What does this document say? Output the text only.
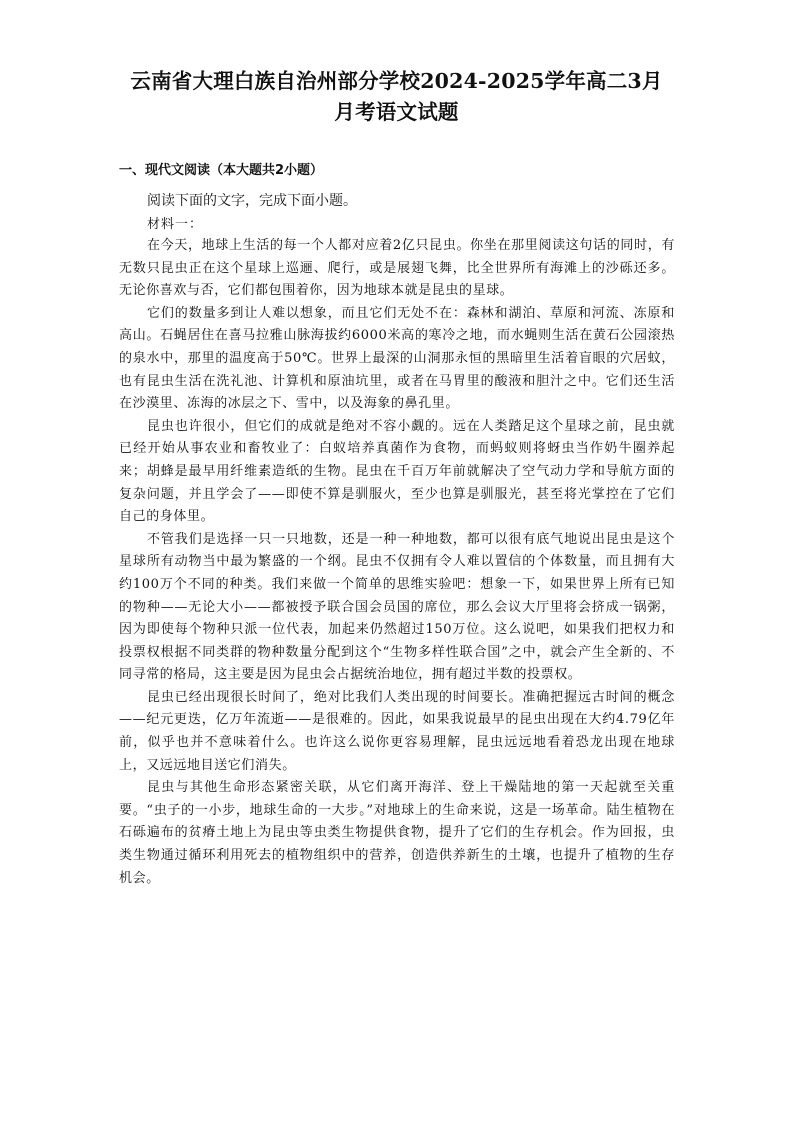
云南省大理白族自治州部分学校2024-2025学年高二3月
月考语文试题
一、现代文阅读（本大题共2小题）
阅读下面的文字，完成下面小题。
材料一：

在今天，地球上生活的每一个人都对应着2亿只昆虫。你坐在那里阅读这句话的同时，有无数只昆虫正在这个星球上巡逦、爬行，或是展翅飞舞，比全世界所有海滩上的沙砾还多。无论你喜欢与否，它们都包围着你，因为地球本就是昆虫的星球。

它们的数量多到让人难以想象，而且它们无处不在：森林和湖泊、草原和河流、冻原和高山。石蝇居住在喜马拉雅山脉海拔约6000米高的寒冷之地，而水蝇则生活在黄石公园滚热的泉水中，那里的温度高于50℃。世界上最深的山洞那永恒的黑暗里生活着盲眼的穴居蚊，也有昆虫生活在洗礼池、计算机和原油坑里，或者在马胃里的酸液和胆汁之中。它们还生活在沙漠里、冻海的冰层之下、雪中，以及海象的鼻孔里。

昆虫也许很小，但它们的成就是绝对不容小觑的。远在人类踏足这个星球之前，昆虫就已经开始从事农业和畜牧业了：白蚁培养真菌作为食物，而蚂蚁则将蚜虫当作奶牛圈养起来；胡蜂是最早用纤维素造纸的生物。昆虫在千百万年前就解决了空气动力学和导航方面的复杂问题，并且学会了——即使不算是驯服火，至少也算是驯服光，甚至将光掌控在了它们自己的身体里。

不管我们是选择一只一只地数，还是一种一种地数，都可以很有底气地说出昆虫是这个星球所有动物当中最为繁盛的一个纲。昆虫不仅拥有令人难以置信的个体数量，而且拥有大约100万个不同的种类。我们来做一个简单的思维实验吧：想象一下，如果世界上所有已知的物种——无论大小——都被授予联合国会员国的席位，那么会议大厅里将会挤成一锅粥，因为即使每个物种只派一位代表，加起来仍然超过150万位。这么说吧，如果我们把权力和投票权根据不同类群的物种数量分配到这个“生物多样性联合国”之中，就会产生全新的、不同寻常的格局，这主要是因为昆虫会占据统治地位，拥有超过半数的投票权。

昆虫已经出现很长时间了，绝对比我们人类出现的时间要长。准确把握远古时间的概念——纪元更迭，亿万年流逝——是很难的。因此，如果我说最早的昆虫出现在大约4.79亿年前，似乎也并不意味着什么。也许这么说你更容易理解，昆虫远远地看着恐龙出现在地球上，又远远地目送它们消失。

昆虫与其他生命形态紧密关联，从它们离开海洋、登上干燥陆地的第一天起就至关重要。“虫子的一小步，地球生命的一大步。”对地球上的生命来说，这是一场革命。陆生植物在石砾遍布的贫瘠土地上为昆虫等虫类生物提供食物，提升了它们的生存机会。作为回报，虫类生物通过循环利用死去的植物组织中的营养，创造供养新生的土壤，也提升了植物的生存机会。
